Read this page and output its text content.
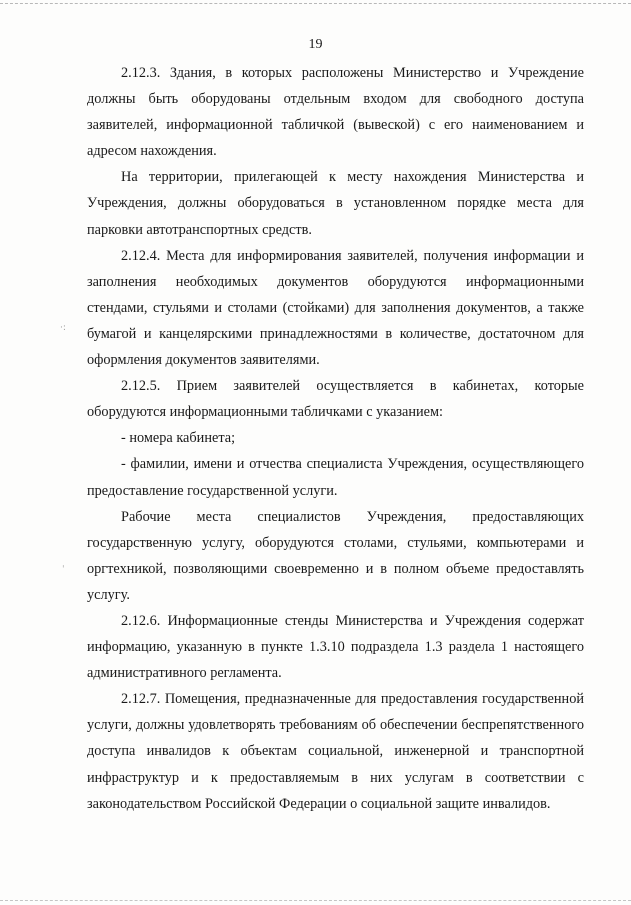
·:
ˈ
19

2.12.3. Здания, в которых расположены Министерство и Учреждение должны быть оборудованы отдельным входом для свободного доступа заявителей, информационной табличкой (вывеской) с его наименованием и адресом нахождения.

На территории, прилегающей к месту нахождения Министерства и Учреждения, должны оборудоваться в установленном порядке места для парковки автотранспортных средств.

2.12.4. Места для информирования заявителей, получения информации и заполнения необходимых документов оборудуются информационными стендами, стульями и столами (стойками) для заполнения документов, а также бумагой и канцелярскими принадлежностями в количестве, достаточном для оформления документов заявителями.

2.12.5. Прием заявителей осуществляется в кабинетах, которые оборудуются информационными табличками с указанием:

- номера кабинета;

- фамилии, имени и отчества специалиста Учреждения, осуществляющего предоставление государственной услуги.

Рабочие места специалистов Учреждения, предоставляющих государственную услугу, оборудуются столами, стульями, компьютерами и оргтехникой, позволяющими своевременно и в полном объеме предоставлять услугу.

2.12.6. Информационные стенды Министерства и Учреждения содержат информацию, указанную в пункте 1.3.10 подраздела 1.3 раздела 1 настоящего административного регламента.

2.12.7. Помещения, предназначенные для предоставления государственной услуги, должны удовлетворять требованиям об обеспечении беспрепятственного доступа инвалидов к объектам социальной, инженерной и транспортной инфраструктур и к предоставляемым в них услугам в соответствии с законодательством Российской Федерации о социальной защите инвалидов.
